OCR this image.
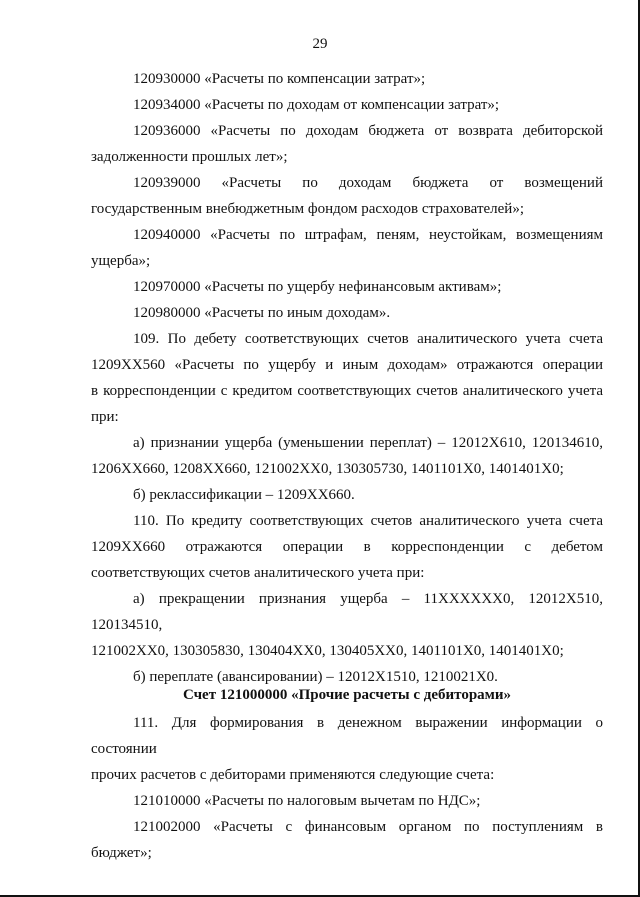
29

120930000 «Расчеты по компенсации затрат»;

120934000 «Расчеты по доходам от компенсации затрат»;

120936000 «Расчеты по доходам бюджета от возврата дебиторской

задолженности прошлых лет»;

120939000 «Расчеты по доходам бюджета от возмещений

государственным внебюджетным фондом расходов страхователей»;

120940000 «Расчеты по штрафам, пеням, неустойкам, возмещениям

ущерба»;

120970000 «Расчеты по ущербу нефинансовым активам»;

120980000 «Расчеты по иным доходам».

109. По дебету соответствующих счетов аналитического учета счета

1209XX560 «Расчеты по ущербу и иным доходам» отражаются операции

в корреспонденции с кредитом соответствующих счетов аналитического учета

при:

а) признании ущерба (уменьшении переплат) – 12012X610, 120134610,

1206XX660, 1208XX660, 121002XX0, 130305730, 1401101X0, 1401401X0;

б) реклассификации – 1209XX660.

110. По кредиту соответствующих счетов аналитического учета счета

1209XX660 отражаются операции в корреспонденции с дебетом

соответствующих счетов аналитического учета при:

а) прекращении признания ущерба – 11XXXXXX0, 12012X510, 120134510,

121002XX0, 130305830, 130404XX0, 130405XX0, 1401101X0, 1401401X0;

б) переплате (авансировании) – 12012X1510, 1210021X0.

Счет 121000000 «Прочие расчеты с дебиторами»

111. Для формирования в денежном выражении информации о состоянии

прочих расчетов с дебиторами применяются следующие счета:

121010000 «Расчеты по налоговым вычетам по НДС»;

121002000 «Расчеты с финансовым органом по поступлениям в бюджет»;
